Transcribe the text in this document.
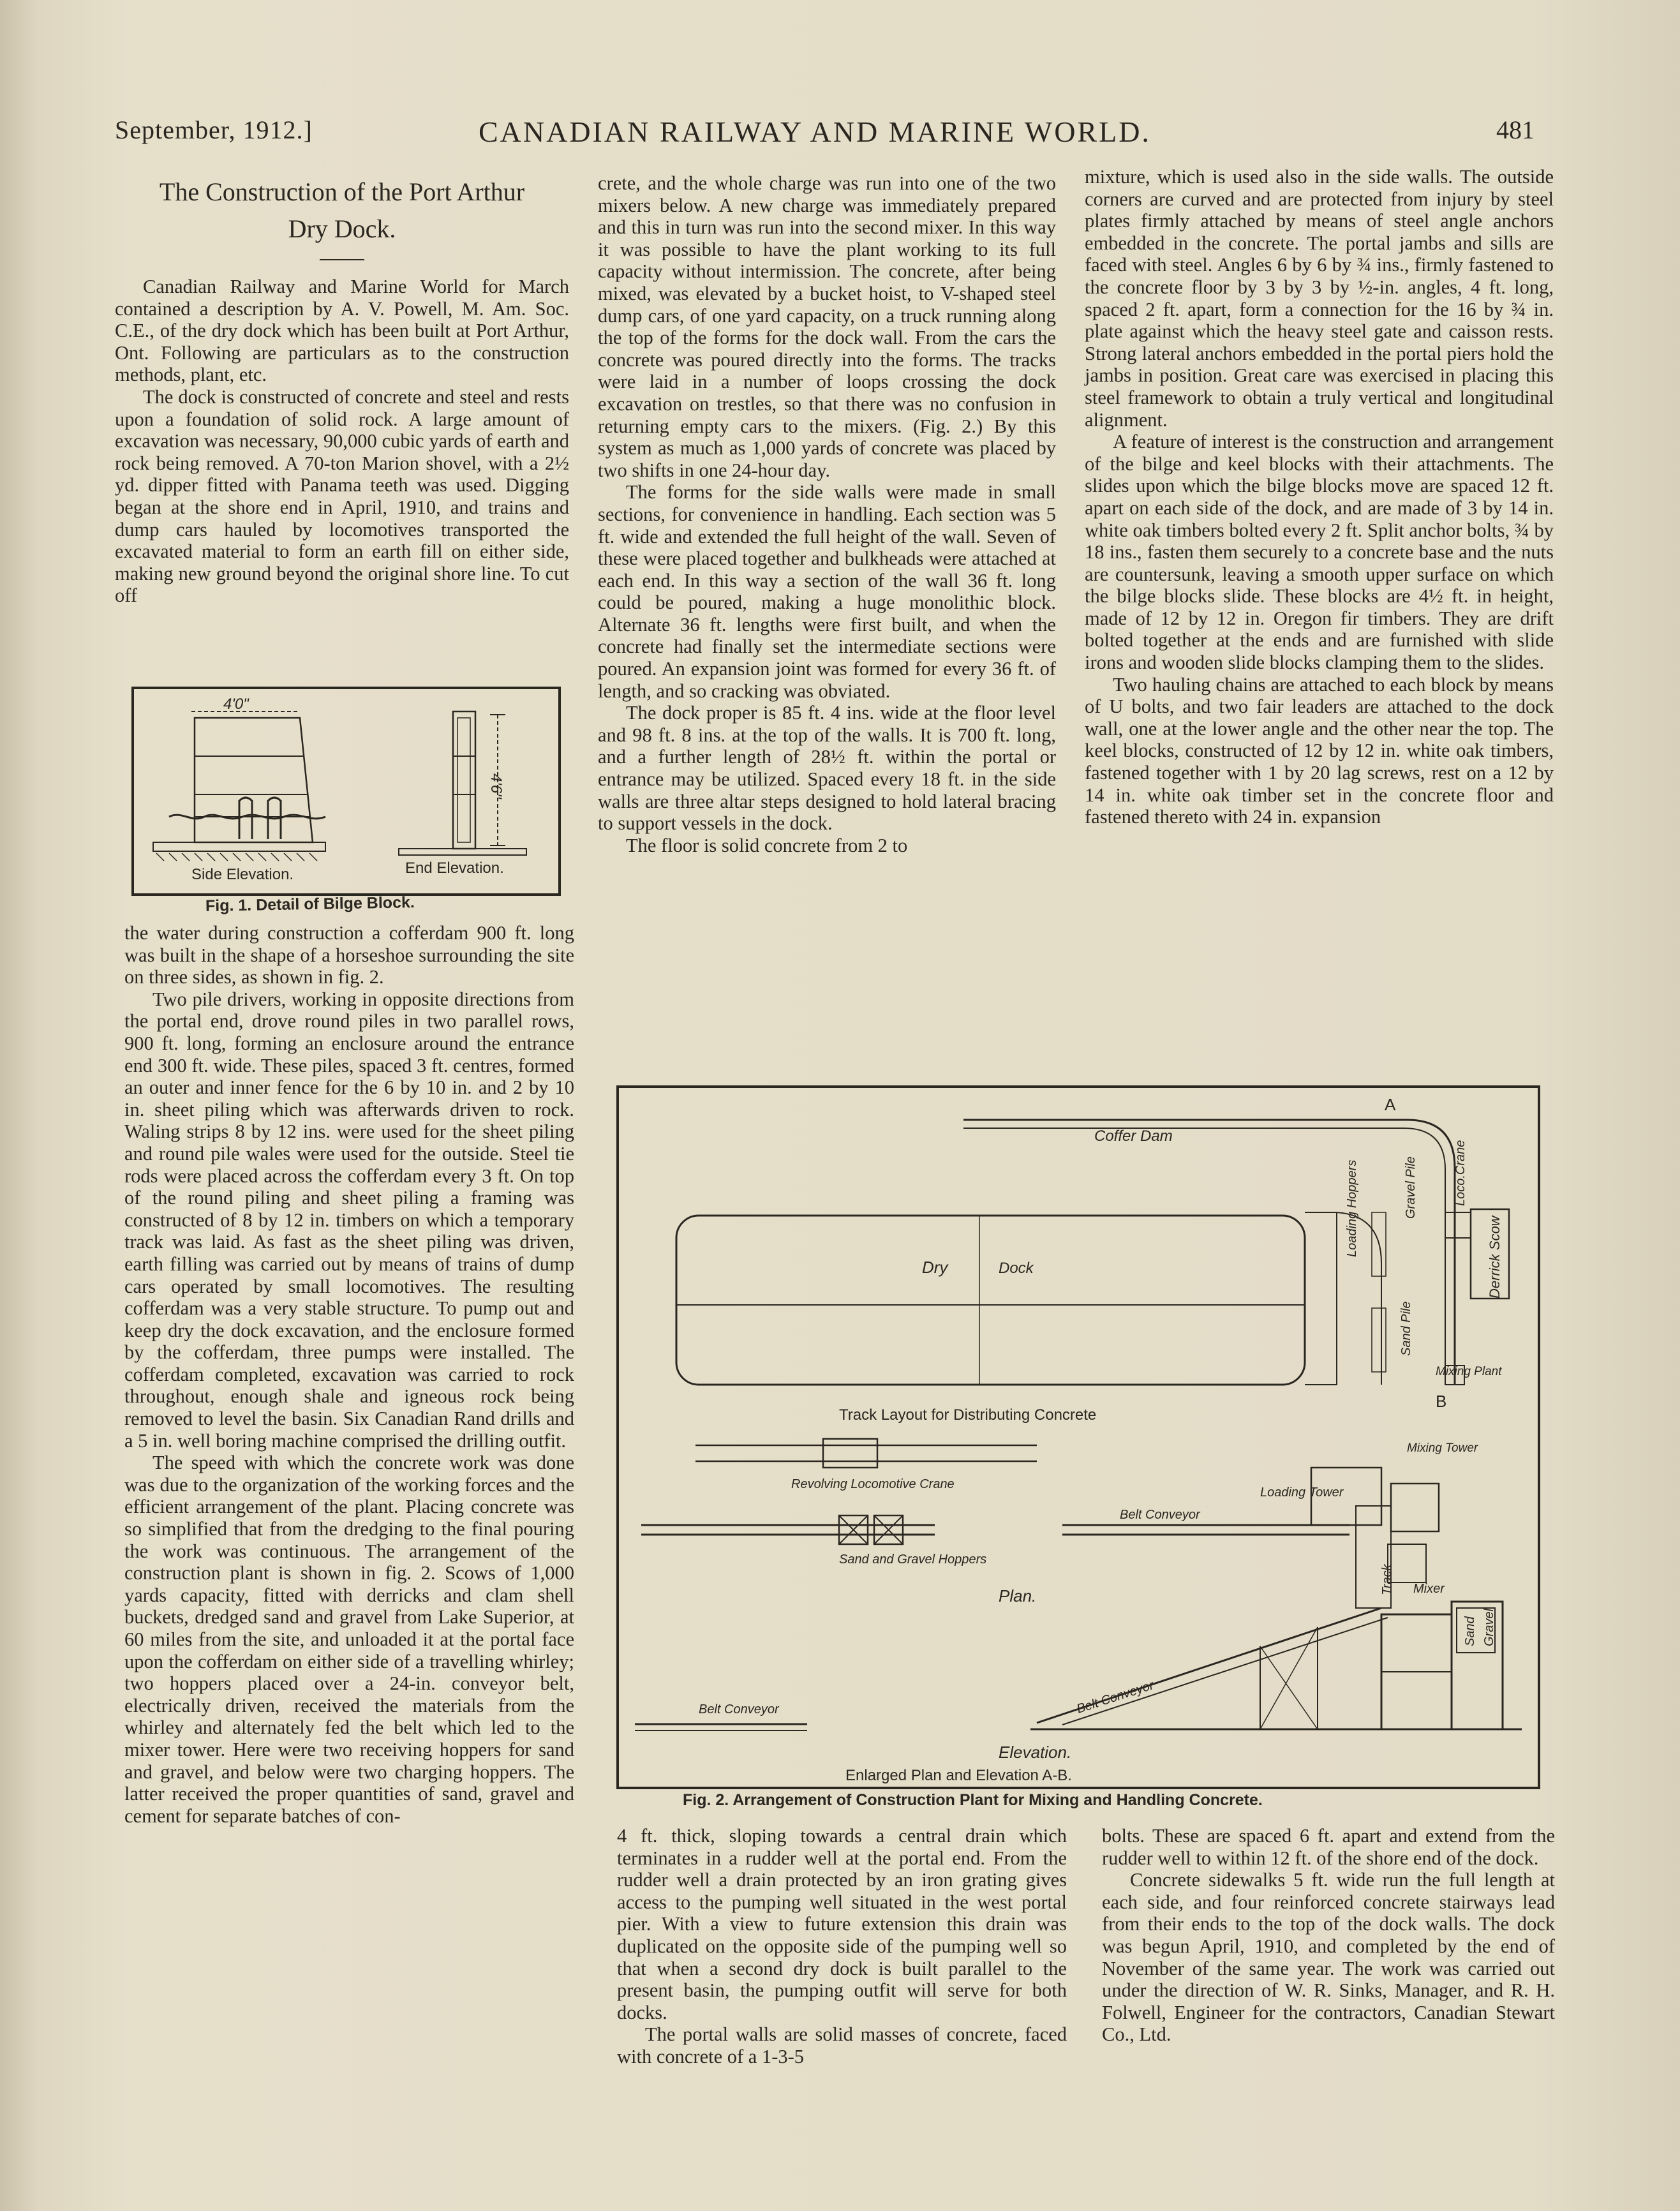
September, 1912.]	CANADIAN RAILWAY AND MARINE WORLD.	481
The Construction of the Port Arthur
Dry Dock.

Canadian Railway and Marine World for March contained a description by A. V. Powell, M. Am. Soc. C.E., of the dry dock which has been built at Port Arthur, Ont. Following are particulars as to the construction methods, plant, etc.

The dock is constructed of concrete and steel and rests upon a foundation of solid rock. A large amount of excavation was necessary, 90,000 cubic yards of earth and rock being removed. A 70-ton Marion shovel, with a 2½ yd. dipper fitted with Panama teeth was used. Digging began at the shore end in April, 1910, and trains and dump cars hauled by locomotives transported the excavated material to form an earth fill on either side, making new ground beyond the original shore line. To cut off

4'0"
Side Elevation.
4'6"
End Elevation.
Fig. 1. Detail of Bilge Block.

the water during construction a cofferdam 900 ft. long was built in the shape of a horseshoe surrounding the site on three sides, as shown in fig. 2.

Two pile drivers, working in opposite directions from the portal end, drove round piles in two parallel rows, 900 ft. long, forming an enclosure around the entrance end 300 ft. wide. These piles, spaced 3 ft. centres, formed an outer and inner fence for the 6 by 10 in. and 2 by 10 in. sheet piling which was afterwards driven to rock. Waling strips 8 by 12 ins. were used for the sheet piling and round pile wales were used for the outside. Steel tie rods were placed across the cofferdam every 3 ft. On top of the round piling and sheet piling a framing was constructed of 8 by 12 in. timbers on which a temporary track was laid. As fast as the sheet piling was driven, earth filling was carried out by means of trains of dump cars operated by small locomotives. The resulting cofferdam was a very stable structure. To pump out and keep dry the dock excavation, and the enclosure formed by the cofferdam, three pumps were installed. The cofferdam completed, excavation was carried to rock throughout, enough shale and igneous rock being removed to level the basin. Six Canadian Rand drills and a 5 in. well boring machine comprised the drilling outfit.

The speed with which the concrete work was done was due to the organization of the working forces and the efficient arrangement of the plant. Placing concrete was so simplified that from the dredging to the final pouring the work was continuous. The arrangement of the construction plant is shown in fig. 2. Scows of 1,000 yards capacity, fitted with derricks and clam shell buckets, dredged sand and gravel from Lake Superior, at 60 miles from the site, and unloaded it at the portal face upon the cofferdam on either side of a travelling whirley; two hoppers placed over a 24-in. conveyor belt, electrically driven, received the materials from the whirley and alternately fed the belt which led to the mixer tower. Here were two receiving hoppers for sand and gravel, and below were two charging hoppers. The latter received the proper quantities of sand, gravel and cement for separate batches of con-

crete, and the whole charge was run into one of the two mixers below. A new charge was immediately prepared and this in turn was run into the second mixer. In this way it was possible to have the plant working to its full capacity without intermission. The concrete, after being mixed, was elevated by a bucket hoist, to V-shaped steel dump cars, of one yard capacity, on a truck running along the top of the forms for the dock wall. From the cars the concrete was poured directly into the forms. The tracks were laid in a number of loops crossing the dock excavation on trestles, so that there was no confusion in returning empty cars to the mixers. (Fig. 2.) By this system as much as 1,000 yards of concrete was placed by two shifts in one 24-hour day.

The forms for the side walls were made in small sections, for convenience in handling. Each section was 5 ft. wide and extended the full height of the wall. Seven of these were placed together and bulkheads were attached at each end. In this way a section of the wall 36 ft. long could be poured, making a huge monolithic block. Alternate 36 ft. lengths were first built, and when the concrete had finally set the intermediate sections were poured. An expansion joint was formed for every 36 ft. of length, and so cracking was obviated.

The dock proper is 85 ft. 4 ins. wide at the floor level and 98 ft. 8 ins. at the top of the walls. It is 700 ft. long, and a further length of 28½ ft. within the portal or entrance may be utilized. Spaced every 18 ft. in the side walls are three altar steps designed to hold lateral bracing to support vessels in the dock.

The floor is solid concrete from 2 to

mixture, which is used also in the side walls. The outside corners are curved and are protected from injury by steel plates firmly attached by means of steel angle anchors embedded in the concrete. The portal jambs and sills are faced with steel. Angles 6 by 6 by ¾ ins., firmly fastened to the concrete floor by 3 by 3 by ½-in. angles, 4 ft. long, spaced 2 ft. apart, form a connection for the 16 by ¾ in. plate against which the heavy steel gate and caisson rests. Strong lateral anchors embedded in the portal piers hold the jambs in position. Great care was exercised in placing this steel framework to obtain a truly vertical and longitudinal alignment.

A feature of interest is the construction and arrangement of the bilge and keel blocks with their attachments. The slides upon which the bilge blocks move are spaced 12 ft. apart on each side of the dock, and are made of 3 by 14 in. white oak timbers bolted every 2 ft. Split anchor bolts, ¾ by 18 ins., fasten them securely to a concrete base and the nuts are countersunk, leaving a smooth upper surface on which the bilge blocks slide. These blocks are 4½ ft. in height, made of 12 by 12 in. Oregon fir timbers. They are drift bolted together at the ends and are furnished with slide irons and wooden slide blocks clamping them to the slides.

Two hauling chains are attached to each block by means of U bolts, and two fair leaders are attached to the dock wall, one at the lower angle and the other near the top. The keel blocks, constructed of 12 by 12 in. white oak timbers, fastened together with 1 by 20 lag screws, rest on a 12 by 14 in. white oak timber set in the concrete floor and fastened thereto with 24 in. expansion

A
Coffer Dam
Dry	Dock
Loading Hoppers	Gravel Pile	Loco.Crane
Derrick Scow
Sand Pile
B
Mixing Plant
Track Layout for Distributing Concrete
Revolving Locomotive Crane
Sand and Gravel Hoppers
Mixing Tower
Loading Tower
Belt Conveyor
Track Mixer
Plan.
Belt Conveyor	Belt Conveyor
Sand Gravel
Elevation.
Enlarged Plan and Elevation A-B.
Fig. 2. Arrangement of Construction Plant for Mixing and Handling Concrete.

4 ft. thick, sloping towards a central drain which terminates in a rudder well at the portal end. From the rudder well a drain protected by an iron grating gives access to the pumping well situated in the west portal pier. With a view to future extension this drain was duplicated on the opposite side of the pumping well so that when a second dry dock is built parallel to the present basin, the pumping outfit will serve for both docks.

The portal walls are solid masses of concrete, faced with concrete of a 1-3-5

bolts. These are spaced 6 ft. apart and extend from the rudder well to within 12 ft. of the shore end of the dock.

Concrete sidewalks 5 ft. wide run the full length at each side, and four reinforced concrete stairways lead from their ends to the top of the dock walls. The dock was begun April, 1910, and completed by the end of November of the same year. The work was carried out under the direction of W. R. Sinks, Manager, and R. H. Folwell, Engineer for the contractors, Canadian Stewart Co., Ltd.
